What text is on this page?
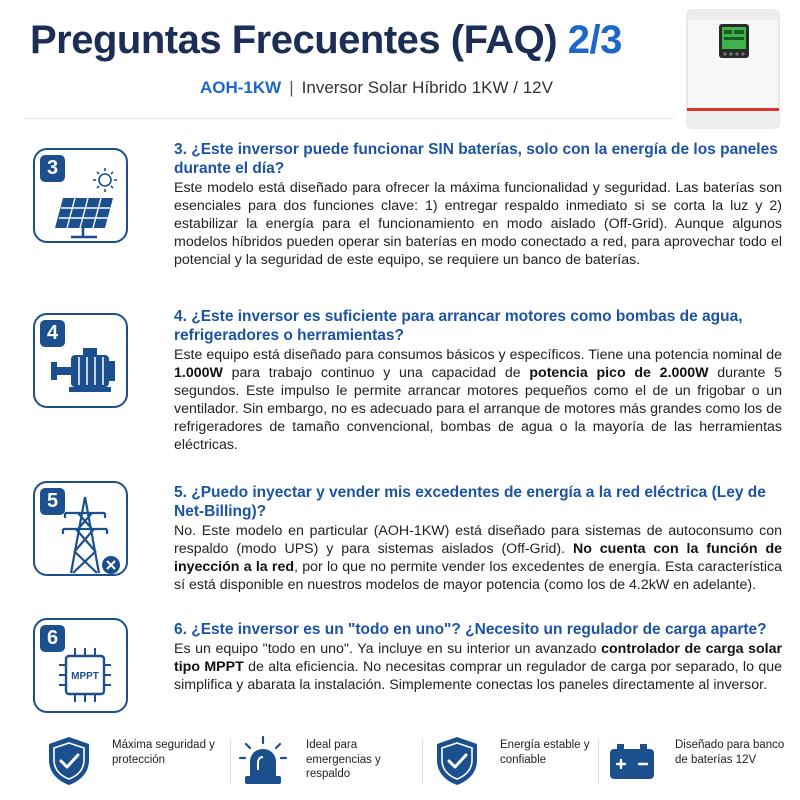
Preguntas Frecuentes (FAQ) 2/3
AOH-1KW | Inversor Solar Híbrido 1KW / 12V
3
3. ¿Este inversor puede funcionar SIN baterías, solo con la energía de los paneles durante el día?
Este modelo está diseñado para ofrecer la máxima funcionalidad y seguridad. Las baterías son esenciales para dos funciones clave: 1) entregar respaldo inmediato si se corta la luz y 2) estabilizar la energía para el funcionamiento en modo aislado (Off-Grid). Aunque algunos modelos híbridos pueden operar sin baterías en modo conectado a red, para aprovechar todo el potencial y la seguridad de este equipo, se requiere un banco de baterías.
4
4. ¿Este inversor es suficiente para arrancar motores como bombas de agua, refrigeradores o herramientas?
Este equipo está diseñado para consumos básicos y específicos. Tiene una potencia nominal de 1.000W para trabajo continuo y una capacidad de potencia pico de 2.000W durante 5 segundos. Este impulso le permite arrancar motores pequeños como el de un frigobar o un ventilador. Sin embargo, no es adecuado para el arranque de motores más grandes como los de refrigeradores de tamaño convencional, bombas de agua o la mayoría de las herramientas eléctricas.
5	5. ¿Puedo inyectar y vender mis excedentes de energía a la red eléctrica (Ley de Net-Billing)?
No. Este modelo en particular (AOH-1KW) está diseñado para sistemas de autoconsumo con respaldo (modo UPS) y para sistemas aislados (Off-Grid). No cuenta con la función de inyección a la red, por lo que no permite vender los excedentes de energía. Esta característica sí está disponible en nuestros modelos de mayor potencia (como los de 4.2kW en adelante).
6
MPPT
6. ¿Este inversor es un "todo en uno"? ¿Necesito un regulador de carga aparte?
Es un equipo "todo en uno". Ya incluye en su interior un avanzado controlador de carga solar tipo MPPT de alta eficiencia. No necesitas comprar un regulador de carga por separado, lo que simplifica y abarata la instalación. Simplemente conectas los paneles directamente al inversor.
Máxima seguridad y protección
Ideal para emergencias y respaldo
Energía estable y confiable
Diseñado para banco de baterías 12V
